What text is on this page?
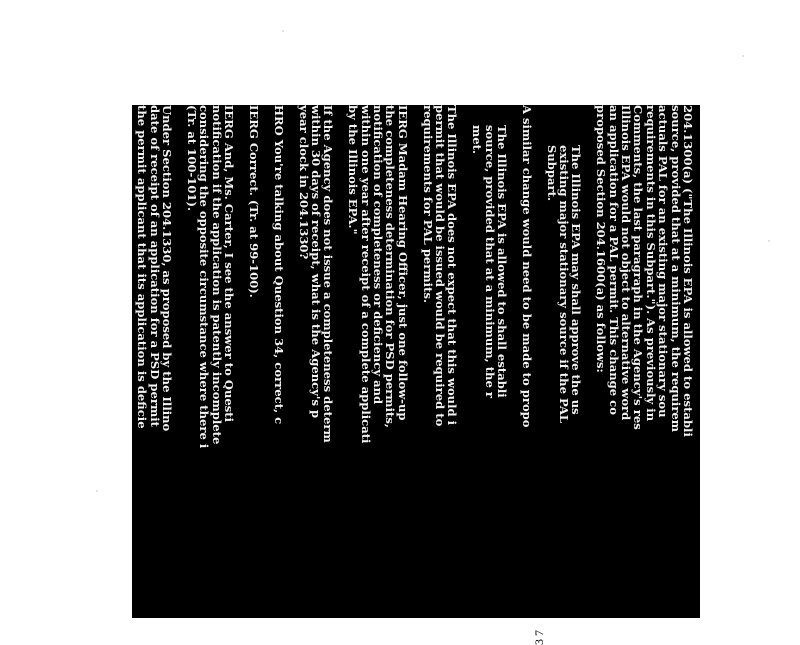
204.1300(a) ("The Illinois EPA is allowed to establi
source, provided that at a minimum, the requirem
actuals PAL for an existing major stationary sou
requirements in this Subpart."). As previously in
Comments, the last paragraph in the Agency's res
Illinois EPA would not object to alternative word
an application for a PAL permit. This change co
proposed Section 204.1600(a) as follows:
The Illinois EPA may shall approve the us
existing major stationary source if the PAL
Subpart.
A similar change would need to be made to propo
The Illinois EPA is allowed to shall establi
source, provided that at a minimum, the r
met.
The Illinois EPA does not expect that this would i
permit that would be issued would be required to
requirements for PAL permits.
IERG Madam Hearing Officer, just one follow-up
the completeness determination for PSD permits,
notification of completeness or deficiency and
within one year after receipt of a complete applicati
by the Illinois EPA."
If the Agency does not issue a completeness determ
within 30 days of receipt, what is the Agency's p
year clock in 204.1330?
HRO You're talking about Question 34, correct, c
IERG Correct. (Tr. at 99-100).
IERG And, Ms. Carter, I see the answer to Questi
notification if the application is patently incomplete
considering the opposite circumstance where there i
(Tr. at 100-101).
Under Section 204.1330, as proposed by the Illino
date of receipt of an application for a PSD permit
the permit applicant that its application is deficie
37
